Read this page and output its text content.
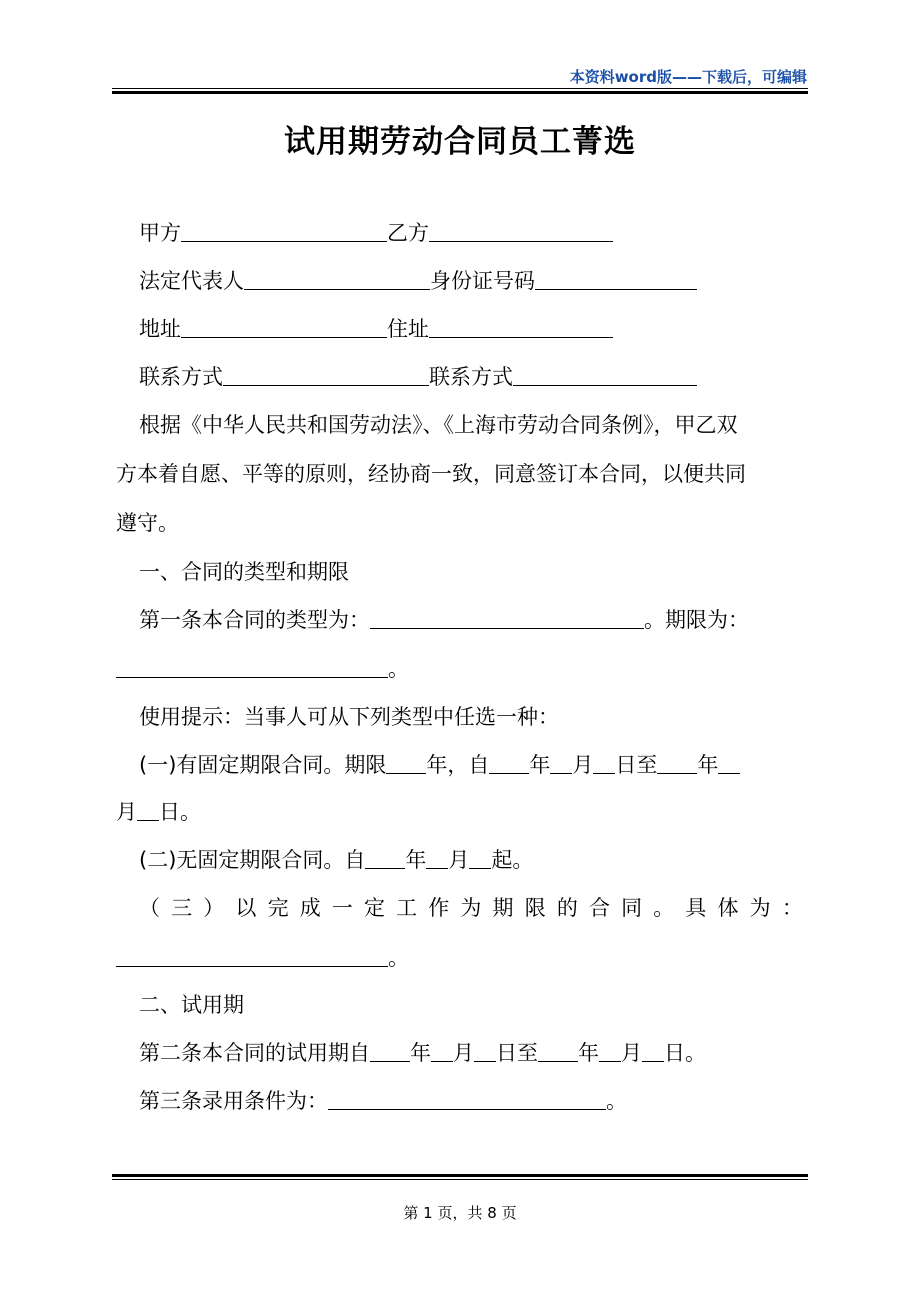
本资料word版——下载后，可编辑
试用期劳动合同员工菁选
甲方	乙方
法定代表人	身份证号码
地址	住址
联系方式	联系方式
根据《中华人民共和国劳动法》、《上海市劳动合同条例》，甲乙双
方本着自愿、平等的原则，经协商一致，同意签订本合同，以便共同
遵守。
一、合同的类型和期限
第一条本合同的类型为：	。期限为：
。
使用提示：当事人可从下列类型中任选一种：
(一)有固定期限合同。期限 年，自 年 月 日至 年
月 日。
(二)无固定期限合同。自 年 月 起。
（ 三 ） 以 完 成 一 定 工 作 为 期 限 的 合 同 。 具 体 为 ：
。
二、试用期
第二条本合同的试用期自 年 月 日至 年 月 日。
第三条录用条件为：	。
第 1 页，共 8 页
